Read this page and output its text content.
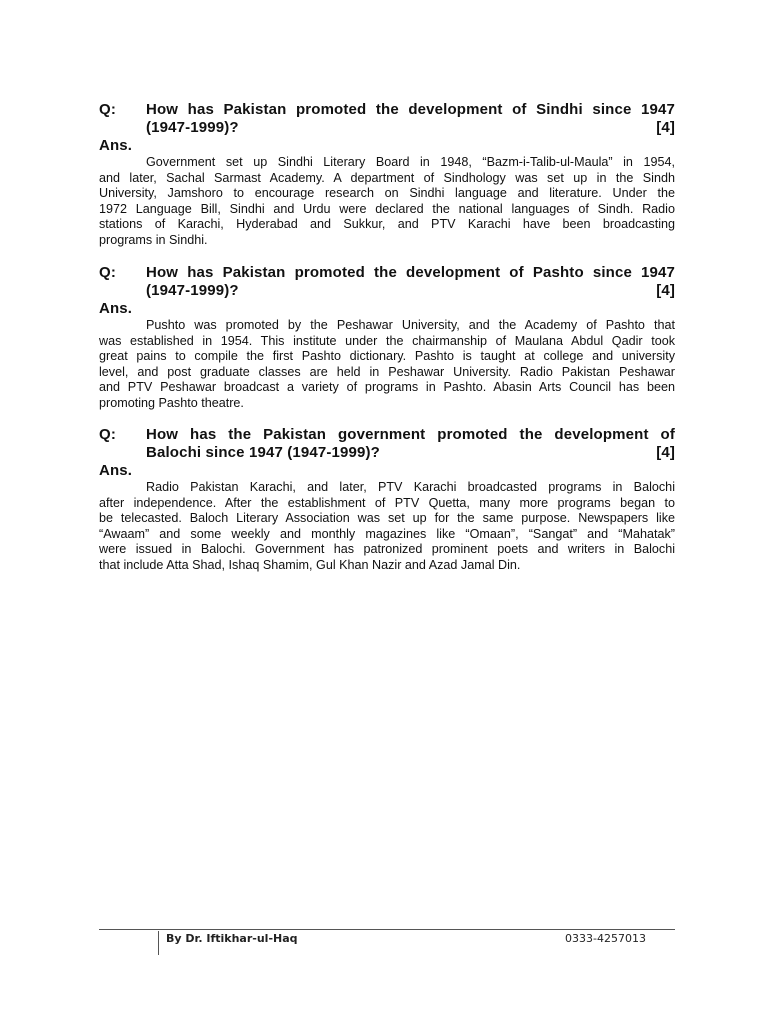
Q: How has Pakistan promoted the development of Sindhi since 1947
(1947-1999)?	[4]
Ans.
Government set up Sindhi Literary Board in 1948, “Bazm-i-Talib-ul-Maula” in 1954,
and later, Sachal Sarmast Academy. A department of Sindhology was set up in the Sindh
University, Jamshoro to encourage research on Sindhi language and literature. Under the
1972 Language Bill, Sindhi and Urdu were declared the national languages of Sindh. Radio
stations of Karachi, Hyderabad and Sukkur, and PTV Karachi have been broadcasting
programs in Sindhi.
Q: How has Pakistan promoted the development of Pashto since 1947
(1947-1999)?	[4]
Ans.
Pushto was promoted by the Peshawar University, and the Academy of Pashto that
was established in 1954. This institute under the chairmanship of Maulana Abdul Qadir took
great pains to compile the first Pashto dictionary. Pashto is taught at college and university
level, and post graduate classes are held in Peshawar University. Radio Pakistan Peshawar
and PTV Peshawar broadcast a variety of programs in Pashto. Abasin Arts Council has been
promoting Pashto theatre.
Q: How has the Pakistan government promoted the development of
Balochi since 1947 (1947-1999)?	[4]
Ans.
Radio Pakistan Karachi, and later, PTV Karachi broadcasted programs in Balochi
after independence. After the establishment of PTV Quetta, many more programs began to
be telecasted. Baloch Literary Association was set up for the same purpose. Newspapers like
“Awaam” and some weekly and monthly magazines like “Omaan”, “Sangat” and “Mahatak”
were issued in Balochi. Government has patronized prominent poets and writers in Balochi
that include Atta Shad, Ishaq Shamim, Gul Khan Nazir and Azad Jamal Din.
By Dr. Iftikhar-ul-Haq	0333-4257013
